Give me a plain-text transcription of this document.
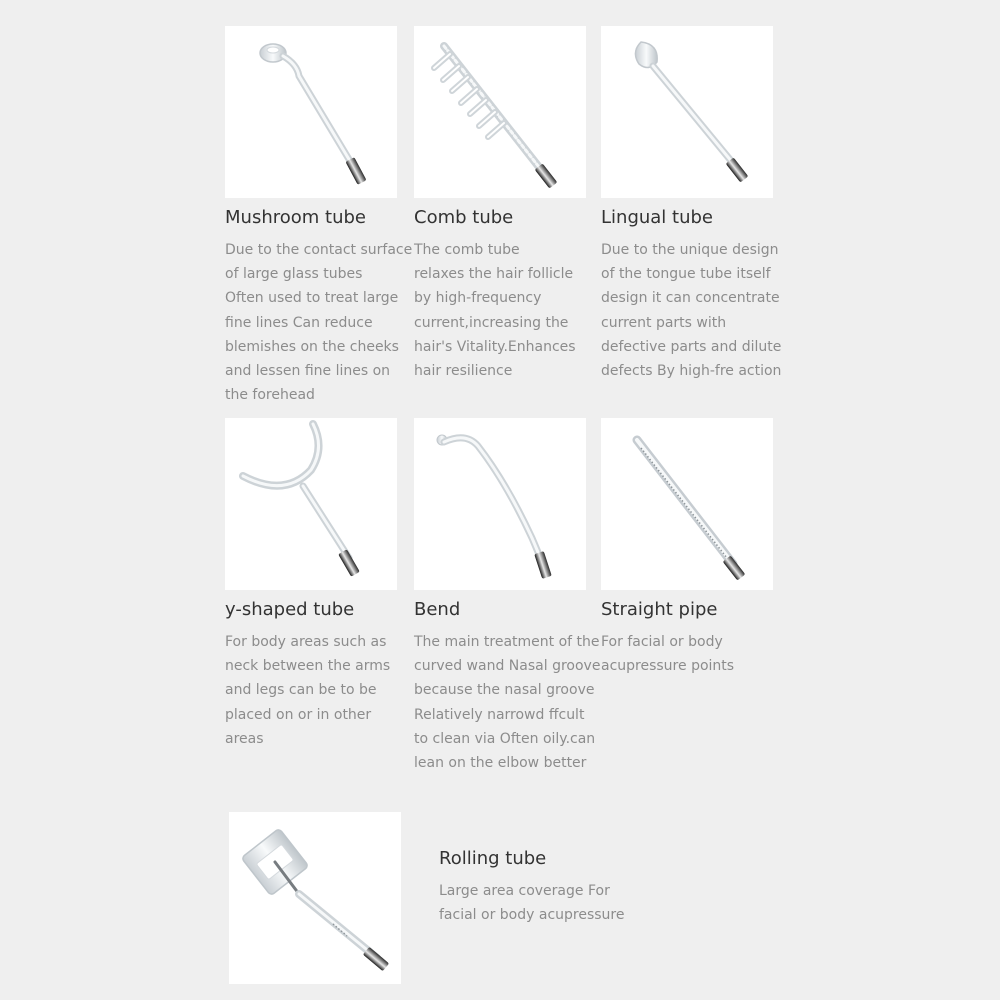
Mushroom tube
Due to the contact surface
of large glass tubes
Often used to treat large
fine lines Can reduce
blemishes on the cheeks
and lessen fine lines on
the forehead
Comb tube
The comb tube
relaxes the hair follicle
by high-frequency
current,increasing the
hair's Vitality.Enhances
hair resilience
Lingual tube
Due to the unique design
of the tongue tube itself
design it can concentrate
current parts with
defective parts and dilute
defects By high-fre action
y-shaped tube
For body areas such as
neck between the arms
and legs can be to be
placed on or in other
areas
Bend
The main treatment of the
curved wand Nasal groove
because the nasal groove
Relatively narrowd ffcult
to clean via Often oily.can
lean on the elbow better
Straight pipe
For facial or body
acupressure points
Rolling tube
Large area coverage For
facial or body acupressure
